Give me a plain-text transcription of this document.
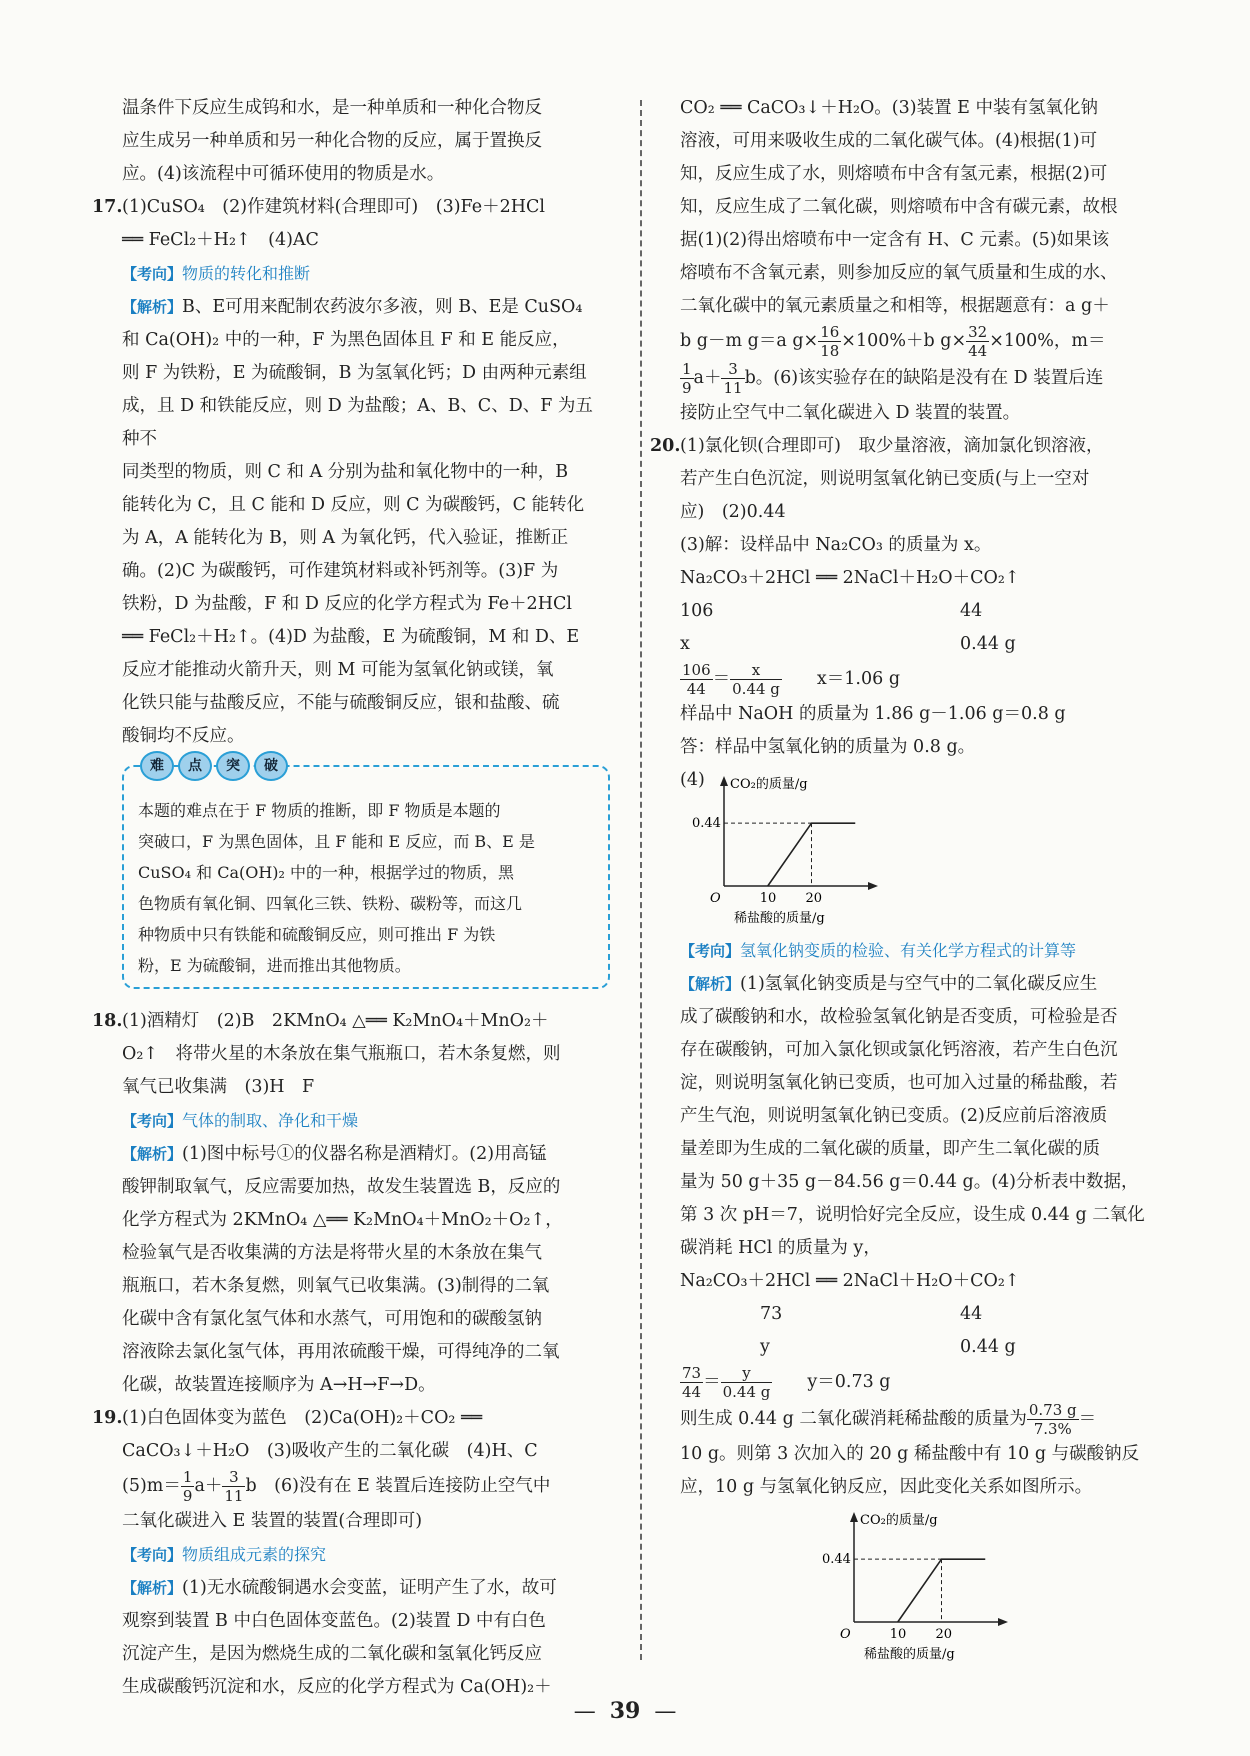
温条件下反应生成钨和水，是一种单质和一种化合物反

应生成另一种单质和另一种化合物的反应，属于置换反

应。(4)该流程中可循环使用的物质是水。

17.(1)CuSO₄　(2)作建筑材料(合理即可)　(3)Fe＋2HCl

══ FeCl₂＋H₂↑　(4)AC

【考向】物质的转化和推断

【解析】B、E可用来配制农药波尔多液，则 B、E是 CuSO₄

和 Ca(OH)₂ 中的一种，F 为黑色固体且 F 和 E 能反应，

则 F 为铁粉，E 为硫酸铜，B 为氢氧化钙；D 由两种元素组

成，且 D 和铁能反应，则 D 为盐酸；A、B、C、D、F 为五种不

同类型的物质，则 C 和 A 分别为盐和氧化物中的一种，B

能转化为 C，且 C 能和 D 反应，则 C 为碳酸钙，C 能转化

为 A，A 能转化为 B，则 A 为氧化钙，代入验证，推断正

确。(2)C 为碳酸钙，可作建筑材料或补钙剂等。(3)F 为

铁粉，D 为盐酸，F 和 D 反应的化学方程式为 Fe＋2HCl

══ FeCl₂＋H₂↑。(4)D 为盐酸，E 为硫酸铜，M 和 D、E

反应才能推动火箭升天，则 M 可能为氢氧化钠或镁，氧

化铁只能与盐酸反应，不能与硫酸铜反应，银和盐酸、硫

酸铜均不反应。

难	点	突	破

本题的难点在于 F 物质的推断，即 F 物质是本题的

突破口，F 为黑色固体，且 F 能和 E 反应，而 B、E 是

CuSO₄ 和 Ca(OH)₂ 中的一种，根据学过的物质，黑

色物质有氧化铜、四氧化三铁、铁粉、碳粉等，而这几

种物质中只有铁能和硫酸铜反应，则可推出 F 为铁

粉，E 为硫酸铜，进而推出其他物质。

18.(1)酒精灯　(2)B　2KMnO₄ △══ K₂MnO₄＋MnO₂＋

O₂↑　将带火星的木条放在集气瓶瓶口，若木条复燃，则

氧气已收集满　(3)H　F

【考向】气体的制取、净化和干燥

【解析】(1)图中标号①的仪器名称是酒精灯。(2)用高锰

酸钾制取氧气，反应需要加热，故发生装置选 B，反应的

化学方程式为 2KMnO₄ △══ K₂MnO₄＋MnO₂＋O₂↑，

检验氧气是否收集满的方法是将带火星的木条放在集气

瓶瓶口，若木条复燃，则氧气已收集满。(3)制得的二氧

化碳中含有氯化氢气体和水蒸气，可用饱和的碳酸氢钠

溶液除去氯化氢气体，再用浓硫酸干燥，可得纯净的二氧

化碳，故装置连接顺序为 A→H→F→D。

19.(1)白色固体变为蓝色　(2)Ca(OH)₂＋CO₂ ══

CaCO₃↓＋H₂O　(3)吸收产生的二氧化碳　(4)H、C

$(5)m= \frac{1}{9} a+ \frac{3}{11}$ b　(6)没有在 E 装置后连接防止空气中

二氧化碳进入 E 装置的装置(合理即可)

【考向】物质组成元素的探究

【解析】(1)无水硫酸铜遇水会变蓝，证明产生了水，故可

观察到装置 B 中白色固体变蓝色。(2)装置 D 中有白色

沉淀产生，是因为燃烧生成的二氧化碳和氢氧化钙反应

生成碳酸钙沉淀和水，反应的化学方程式为 Ca(OH)₂＋

CO₂ ══ CaCO₃↓＋H₂O。(3)装置 E 中装有氢氧化钠

溶液，可用来吸收生成的二氧化碳气体。(4)根据(1)可

知，反应生成了水，则熔喷布中含有氢元素，根据(2)可

知，反应生成了二氧化碳，则熔喷布中含有碳元素，故根

据(1)(2)得出熔喷布中一定含有 H、C 元素。(5)如果该

熔喷布不含氧元素，则参加反应的氧气质量和生成的水、

二氧化碳中的氧元素质量之和相等，根据题意有：a g＋

b g－m g＝a $g\times \frac{16}{18} \times 100\%+b$ $g\times \frac{32}{44} \times 100\%$，m＝

$\frac{1}{9} a+ \frac{3}{11}$ b。(6)该实验存在的缺陷是没有在 D 装置后连

接防止空气中二氧化碳进入 D 装置的装置。

20.(1)氯化钡(合理即可)　取少量溶液，滴加氯化钡溶液，

若产生白色沉淀，则说明氢氧化钠已变质(与上一空对

应)　(2)0.44

(3)解：设样品中 Na₂CO₃ 的质量为 x。

Na₂CO₃＋2HCl ══ 2NaCl＋H₂O＋CO₂↑

106	44

x	0.44 g

$\frac{106}{44} = \frac{x}{0.44 g}$
　　 x＝1.06 g

样品中 NaOH 的质量为 1.86 g－1.06 g＝0.8 g

答：样品中氢氧化钠的质量为 0.8 g。

(4) CO₂的质量/g
稀盐酸的质量/g
O
0.44
10 20

【考向】氢氧化钠变质的检验、有关化学方程式的计算等

【解析】(1)氢氧化钠变质是与空气中的二氧化碳反应生

成了碳酸钠和水，故检验氢氧化钠是否变质，可检验是否

存在碳酸钠，可加入氯化钡或氯化钙溶液，若产生白色沉

淀，则说明氢氧化钠已变质，也可加入过量的稀盐酸，若

产生气泡，则说明氢氧化钠已变质。(2)反应前后溶液质

量差即为生成的二氧化碳的质量，即产生二氧化碳的质

量为 50 g＋35 g－84.56 g＝0.44 g。(4)分析表中数据，

第 3 次 pH＝7，说明恰好完全反应，设生成 0.44 g 二氧化

碳消耗 HCl 的质量为 y，

Na₂CO₃＋2HCl ══ 2NaCl＋H₂O＋CO₂↑

73	44

y	0.44 g

$\frac{73}{44} = \frac{y}{0.44 g}$
　　 y＝0.73 g

则生成 0.44 g 二氧化碳消耗稀盐酸的质量为 $\frac{0.73 g}{7.3\%}$ ＝

10 g。则第 3 次加入的 20 g 稀盐酸中有 10 g 与碳酸钠反

应，10 g 与氢氧化钠反应，因此变化关系如图所示。

CO₂的质量/g
稀盐酸的质量/g
O
0.44
10 20
— 39 —
